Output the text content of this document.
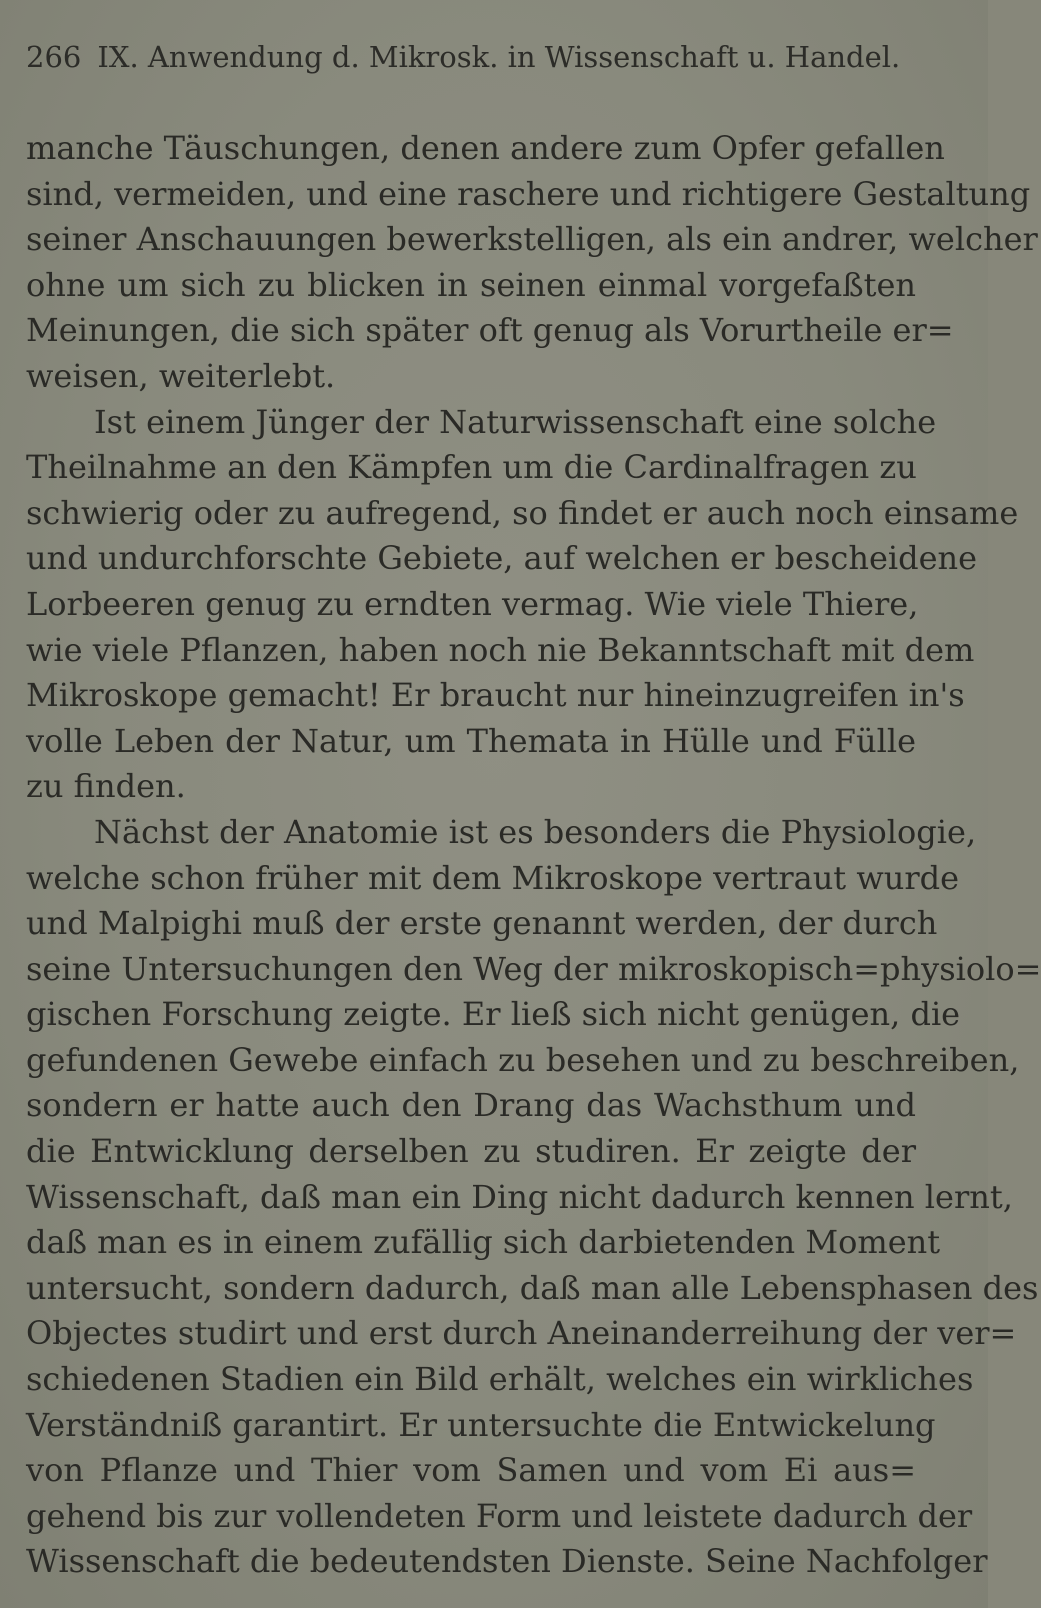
266 IX. Anwendung d. Mikrosk. in Wissenschaft u. Handel.
manche Täuschungen, denen andere zum Opfer gefallen
sind, vermeiden, und eine raschere und richtigere Gestaltung
seiner Anschauungen bewerkstelligen, als ein andrer, welcher
ohne um sich zu blicken in seinen einmal vorgefaßten
Meinungen, die sich später oft genug als Vorurtheile er=
weisen, weiterlebt.
Ist einem Jünger der Naturwissenschaft eine solche
Theilnahme an den Kämpfen um die Cardinalfragen zu
schwierig oder zu aufregend, so findet er auch noch einsame
und undurchforschte Gebiete, auf welchen er bescheidene
Lorbeeren genug zu erndten vermag. Wie viele Thiere,
wie viele Pflanzen, haben noch nie Bekanntschaft mit dem
Mikroskope gemacht! Er braucht nur hineinzugreifen in's
volle Leben der Natur, um Themata in Hülle und Fülle
zu finden.
Nächst der Anatomie ist es besonders die Physiologie,
welche schon früher mit dem Mikroskope vertraut wurde
und Malpighi muß der erste genannt werden, der durch
seine Untersuchungen den Weg der mikroskopisch=physiolo=
gischen Forschung zeigte. Er ließ sich nicht genügen, die
gefundenen Gewebe einfach zu besehen und zu beschreiben,
sondern er hatte auch den Drang das Wachsthum und
die Entwicklung derselben zu studiren. Er zeigte der
Wissenschaft, daß man ein Ding nicht dadurch kennen lernt,
daß man es in einem zufällig sich darbietenden Moment
untersucht, sondern dadurch, daß man alle Lebensphasen des
Objectes studirt und erst durch Aneinanderreihung der ver=
schiedenen Stadien ein Bild erhält, welches ein wirkliches
Verständniß garantirt. Er untersuchte die Entwickelung
von Pflanze und Thier vom Samen und vom Ei aus=
gehend bis zur vollendeten Form und leistete dadurch der
Wissenschaft die bedeutendsten Dienste. Seine Nachfolger
